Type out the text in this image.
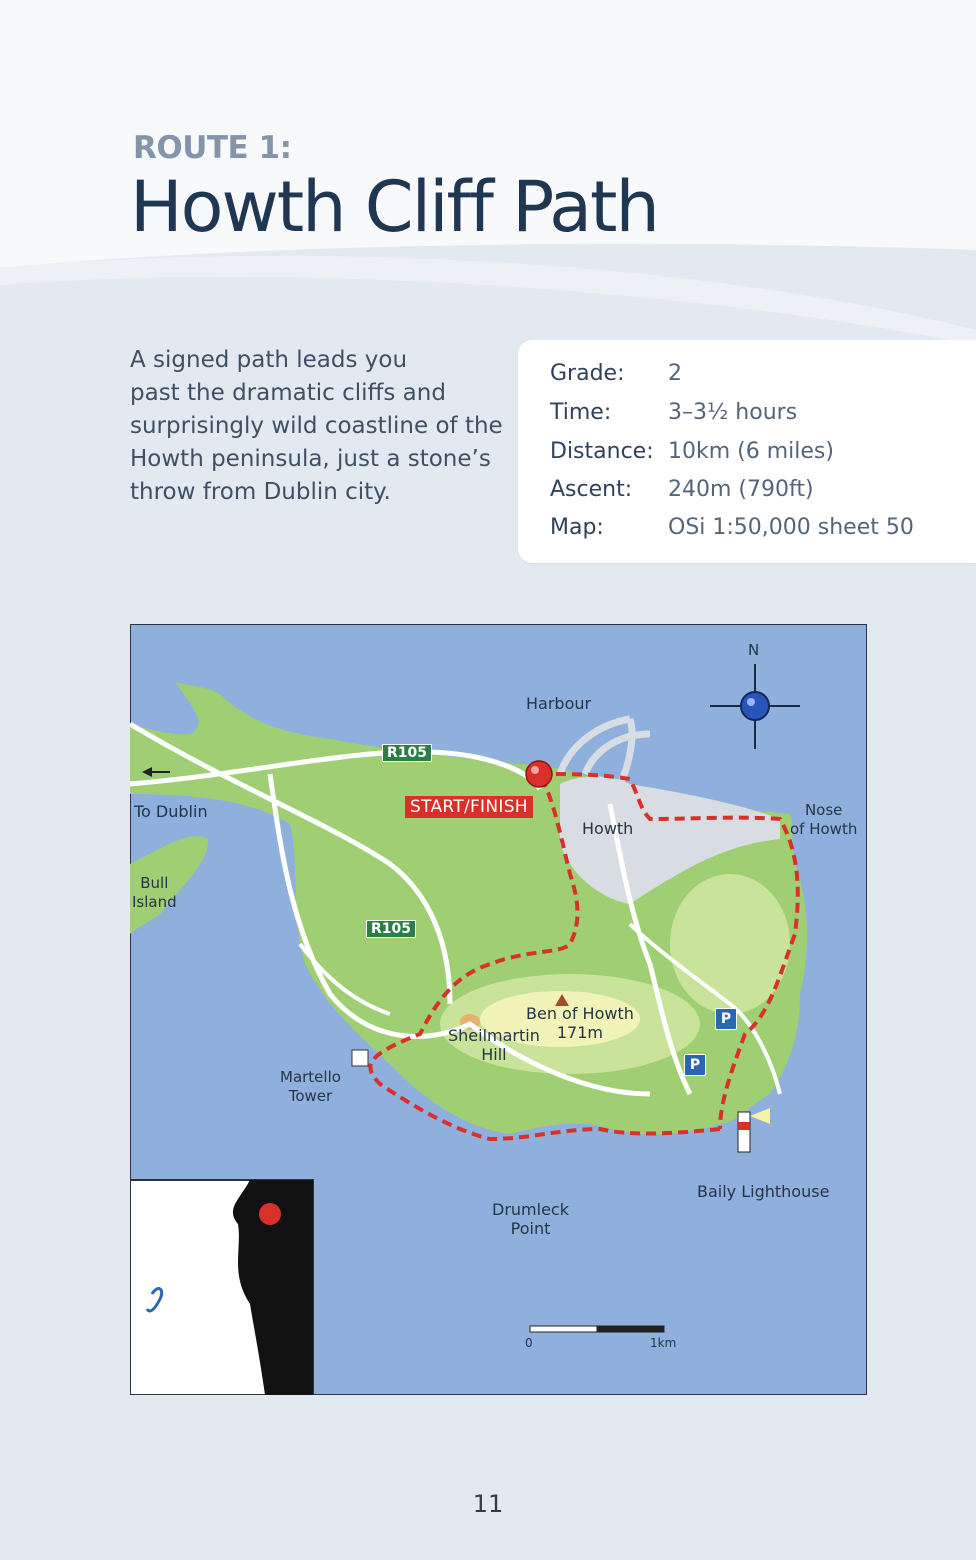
ROUTE 1:
Howth Cliff Path
A signed path leads you
past the dramatic cliffs and
surprisingly wild coastline of the
Howth peninsula, just a stone’s
throw from Dublin city.
Grade: 2
Time:	3–3½ hours
Distance: 10km (6 miles)
Ascent: 240m (790ft)
Map:	OSi 1:50,000 sheet 50
Harbour
To Dublin	START/FINISH
Howth
Nose
of Howth
Bull
Island
R105
R105
Ben of Howth
171m
Sheilmartin
Hill
Martello
Tower
Baily Lighthouse
Drumleck
Point
N
0	1km
P
P
11
